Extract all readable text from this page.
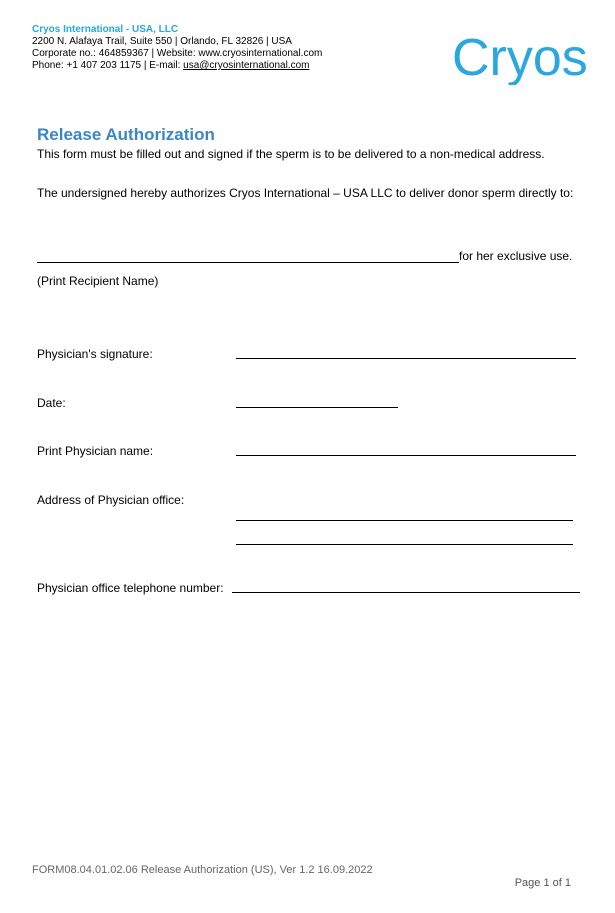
Cryos International - USA, LLC
2200 N. Alafaya Trail, Suite 550 | Orlando, FL 32826 | USA
Corporate no.: 464859367 | Website: www.cryosinternational.com
Phone: +1 407 203 1175 | E-mail: usa@cryosinternational.com	Cryos
Release Authorization
This form must be filled out and signed if the sperm is to be delivered to a non-medical address.
The undersigned hereby authorizes Cryos International – USA LLC to deliver donor sperm directly to:
for her exclusive use.
(Print Recipient Name)
Physician's signature:
Date:
Print Physician name:
Address of Physician office:
Physician office telephone number:
FORM08.04.01.02.06 Release Authorization (US), Ver 1.2 16.09.2022
Page 1 of 1
